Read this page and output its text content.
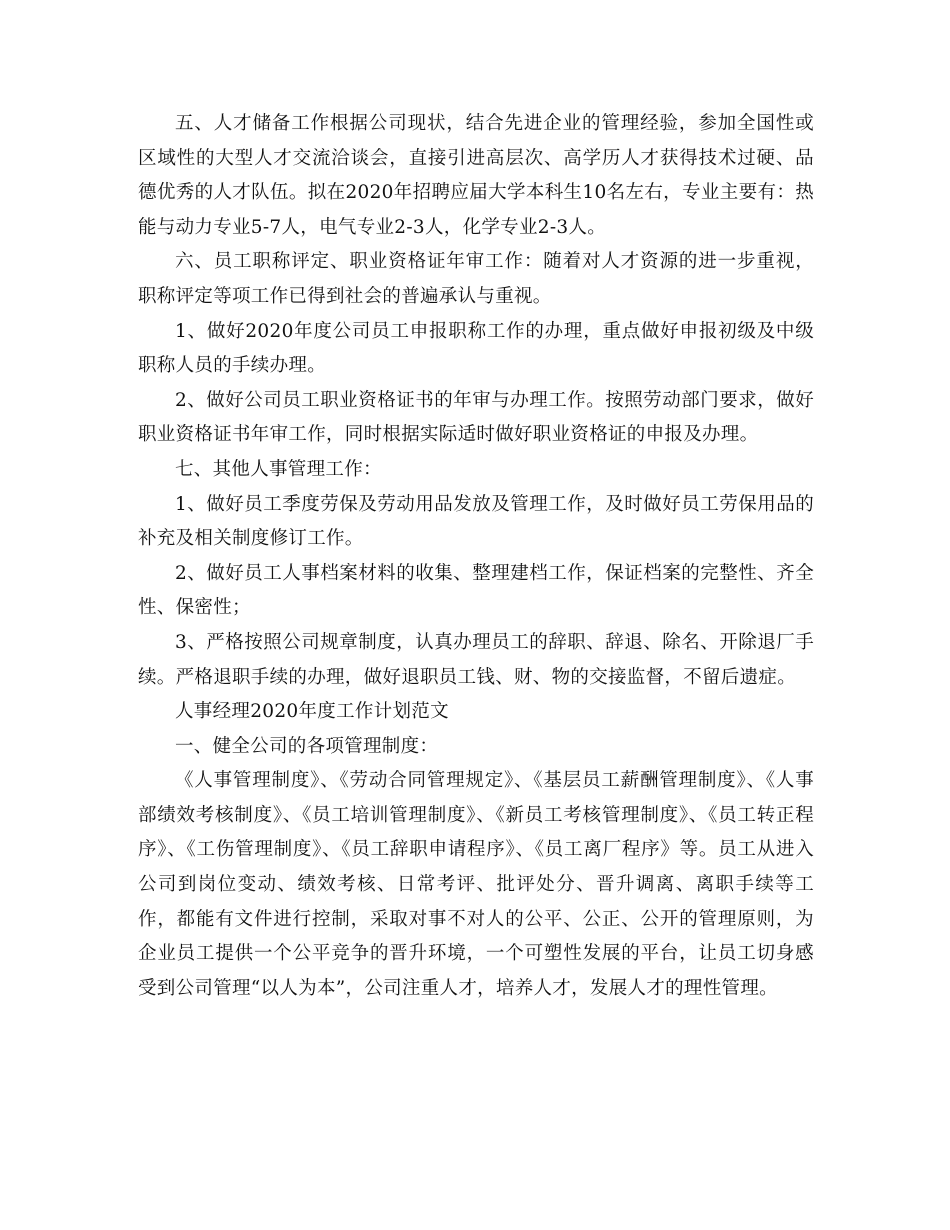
五、人才储备工作根据公司现状，结合先进企业的管理经验，参加全国性或区域性的大型人才交流洽谈会，直接引进高层次、高学历人才获得技术过硬、品德优秀的人才队伍。拟在2020年招聘应届大学本科生10名左右，专业主要有：热能与动力专业5-7人，电气专业2-3人，化学专业2-3人。

六、员工职称评定、职业资格证年审工作：随着对人才资源的进一步重视，职称评定等项工作已得到社会的普遍承认与重视。

1、做好2020年度公司员工申报职称工作的办理，重点做好申报初级及中级职称人员的手续办理。

2、做好公司员工职业资格证书的年审与办理工作。按照劳动部门要求，做好职业资格证书年审工作，同时根据实际适时做好职业资格证的申报及办理。

七、其他人事管理工作：

1、做好员工季度劳保及劳动用品发放及管理工作，及时做好员工劳保用品的补充及相关制度修订工作。

2、做好员工人事档案材料的收集、整理建档工作，保证档案的完整性、齐全性、保密性；

3、严格按照公司规章制度，认真办理员工的辞职、辞退、除名、开除退厂手续。严格退职手续的办理，做好退职员工钱、财、物的交接监督，不留后遗症。

人事经理2020年度工作计划范文

一、健全公司的各项管理制度：

《人事管理制度》、《劳动合同管理规定》、《基层员工薪酬管理制度》、《人事部绩效考核制度》、《员工培训管理制度》、《新员工考核管理制度》、《员工转正程序》、《工伤管理制度》、《员工辞职申请程序》、《员工离厂程序》等。员工从进入公司到岗位变动、绩效考核、日常考评、批评处分、晋升调离、离职手续等工作，都能有文件进行控制，采取对事不对人的公平、公正、公开的管理原则，为企业员工提供一个公平竞争的晋升环境，一个可塑性发展的平台，让员工切身感受到公司管理“以人为本”，公司注重人才，培养人才，发展人才的理性管理。
